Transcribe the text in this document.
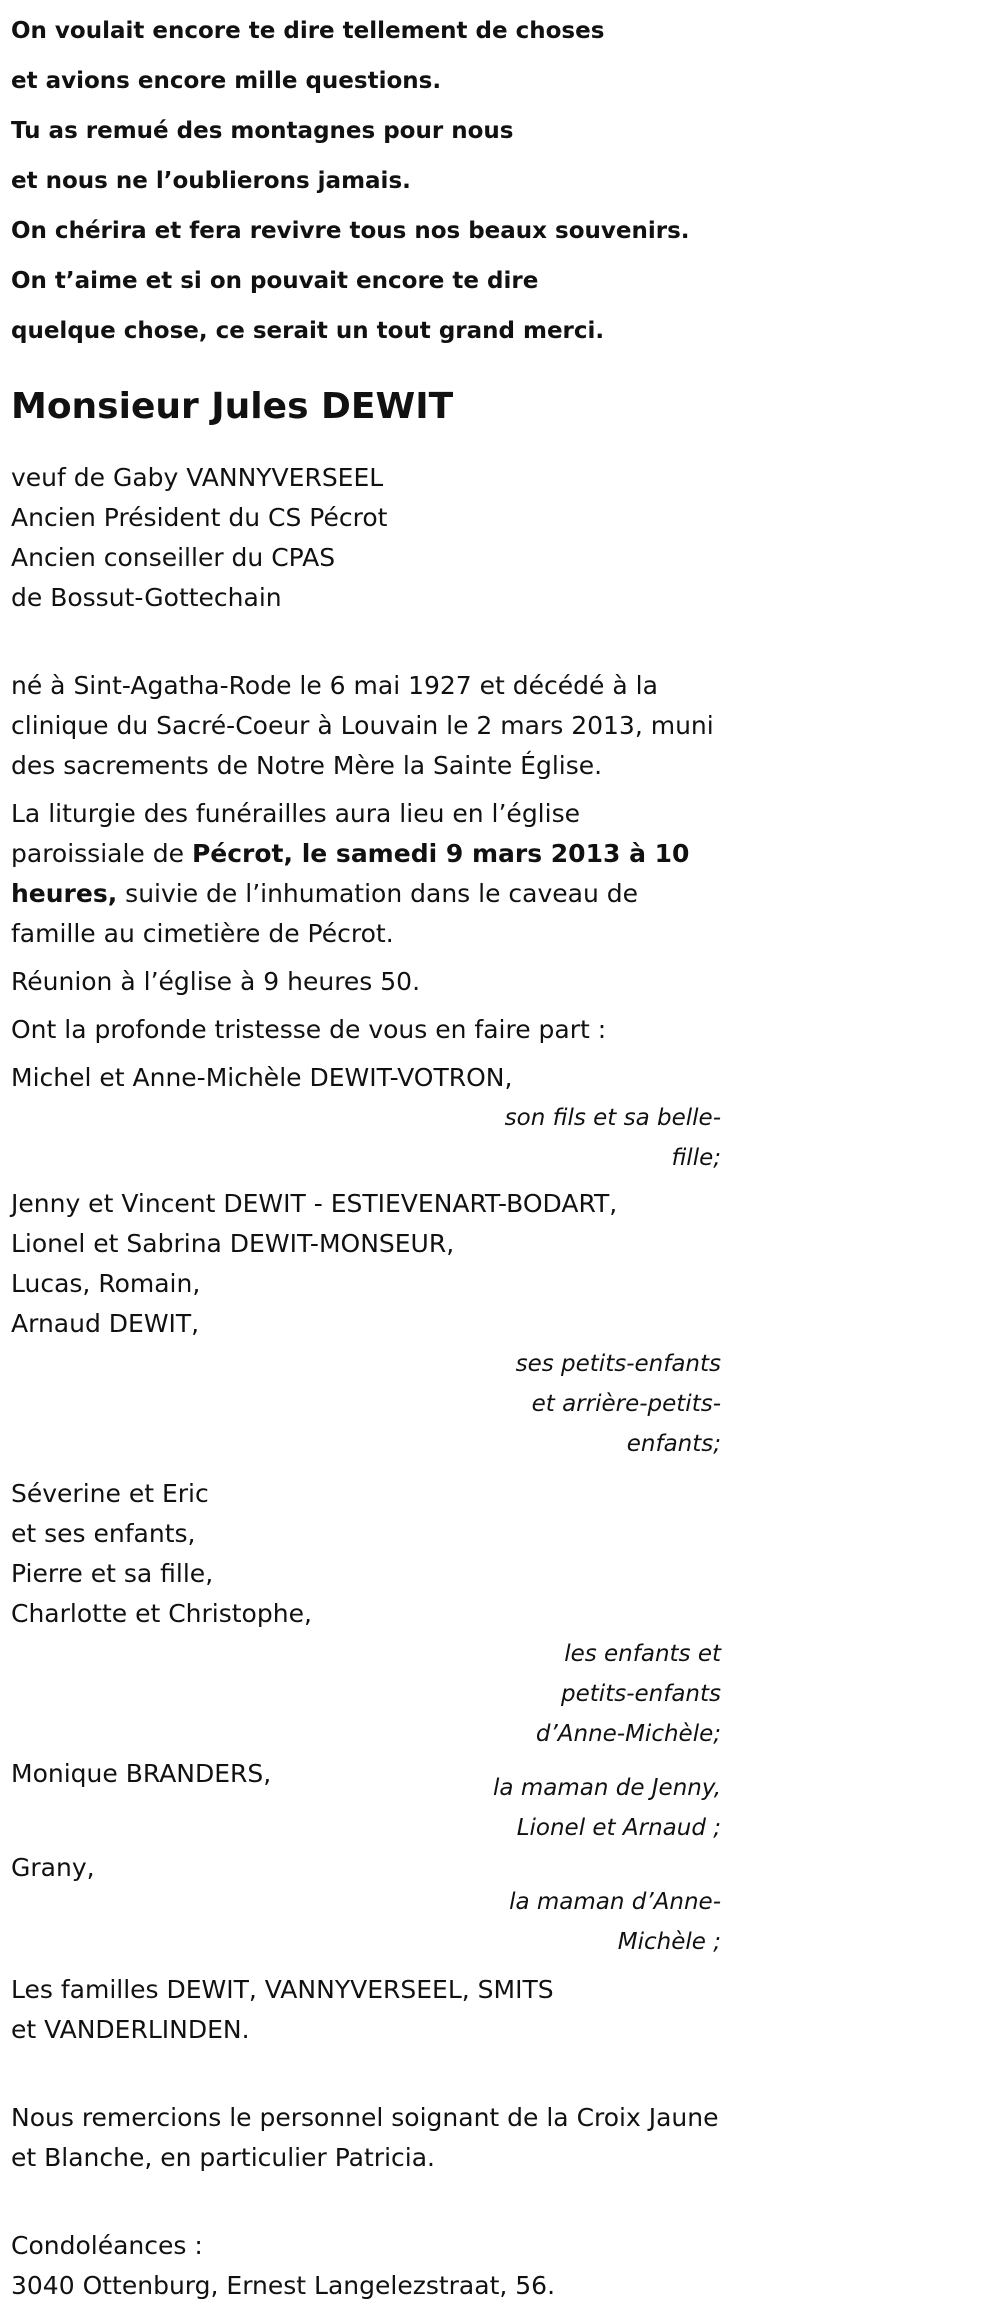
On voulait encore te dire tellement de choses

et avions encore mille questions.

Tu as remué des montagnes pour nous

et nous ne l’oublierons jamais.

On chérira et fera revivre tous nos beaux souvenirs.

On t’aime et si on pouvait encore te dire

quelque chose, ce serait un tout grand merci.

Monsieur Jules DEWIT

veuf de Gaby VANNYVERSEEL

Ancien Président du CS Pécrot

Ancien conseiller du CPAS

de Bossut-Gottechain

né à Sint-Agatha-Rode le 6 mai 1927 et décédé à la clinique du Sacré-Coeur à Louvain le 2 mars 2013, muni des sacrements de Notre Mère la Sainte Église.
La liturgie des funérailles aura lieu en l’église paroissiale de Pécrot, le samedi 9 mars 2013 à 10 heures, suivie de l’inhumation dans le caveau de famille au cimetière de Pécrot.
Réunion à l’église à 9 heures 50.
Ont la profonde tristesse de vous en faire part :

Michel et Anne-Michèle DEWIT-VOTRON,

son fils et sa belle-

fille;

Jenny et Vincent DEWIT - ESTIEVENART-BODART,

Lionel et Sabrina DEWIT-MONSEUR,

Lucas, Romain,

Arnaud DEWIT,

ses petits-enfants

et arrière-petits-

enfants;

Séverine et Eric

et ses enfants,

Pierre et sa fille,

Charlotte et Christophe,

les enfants et

petits-enfants

d’Anne-Michèle;

Monique BRANDERS,	la maman de Jenny,

Lionel et Arnaud ;

Grany,

la maman d’Anne-

Michèle ;

Les familles DEWIT, VANNYVERSEEL, SMITS

et VANDERLINDEN.

Nous remercions le personnel soignant de la Croix Jaune et Blanche, en particulier Patricia.

Condoléances :

3040 Ottenburg, Ernest Langelezstraat, 56.
